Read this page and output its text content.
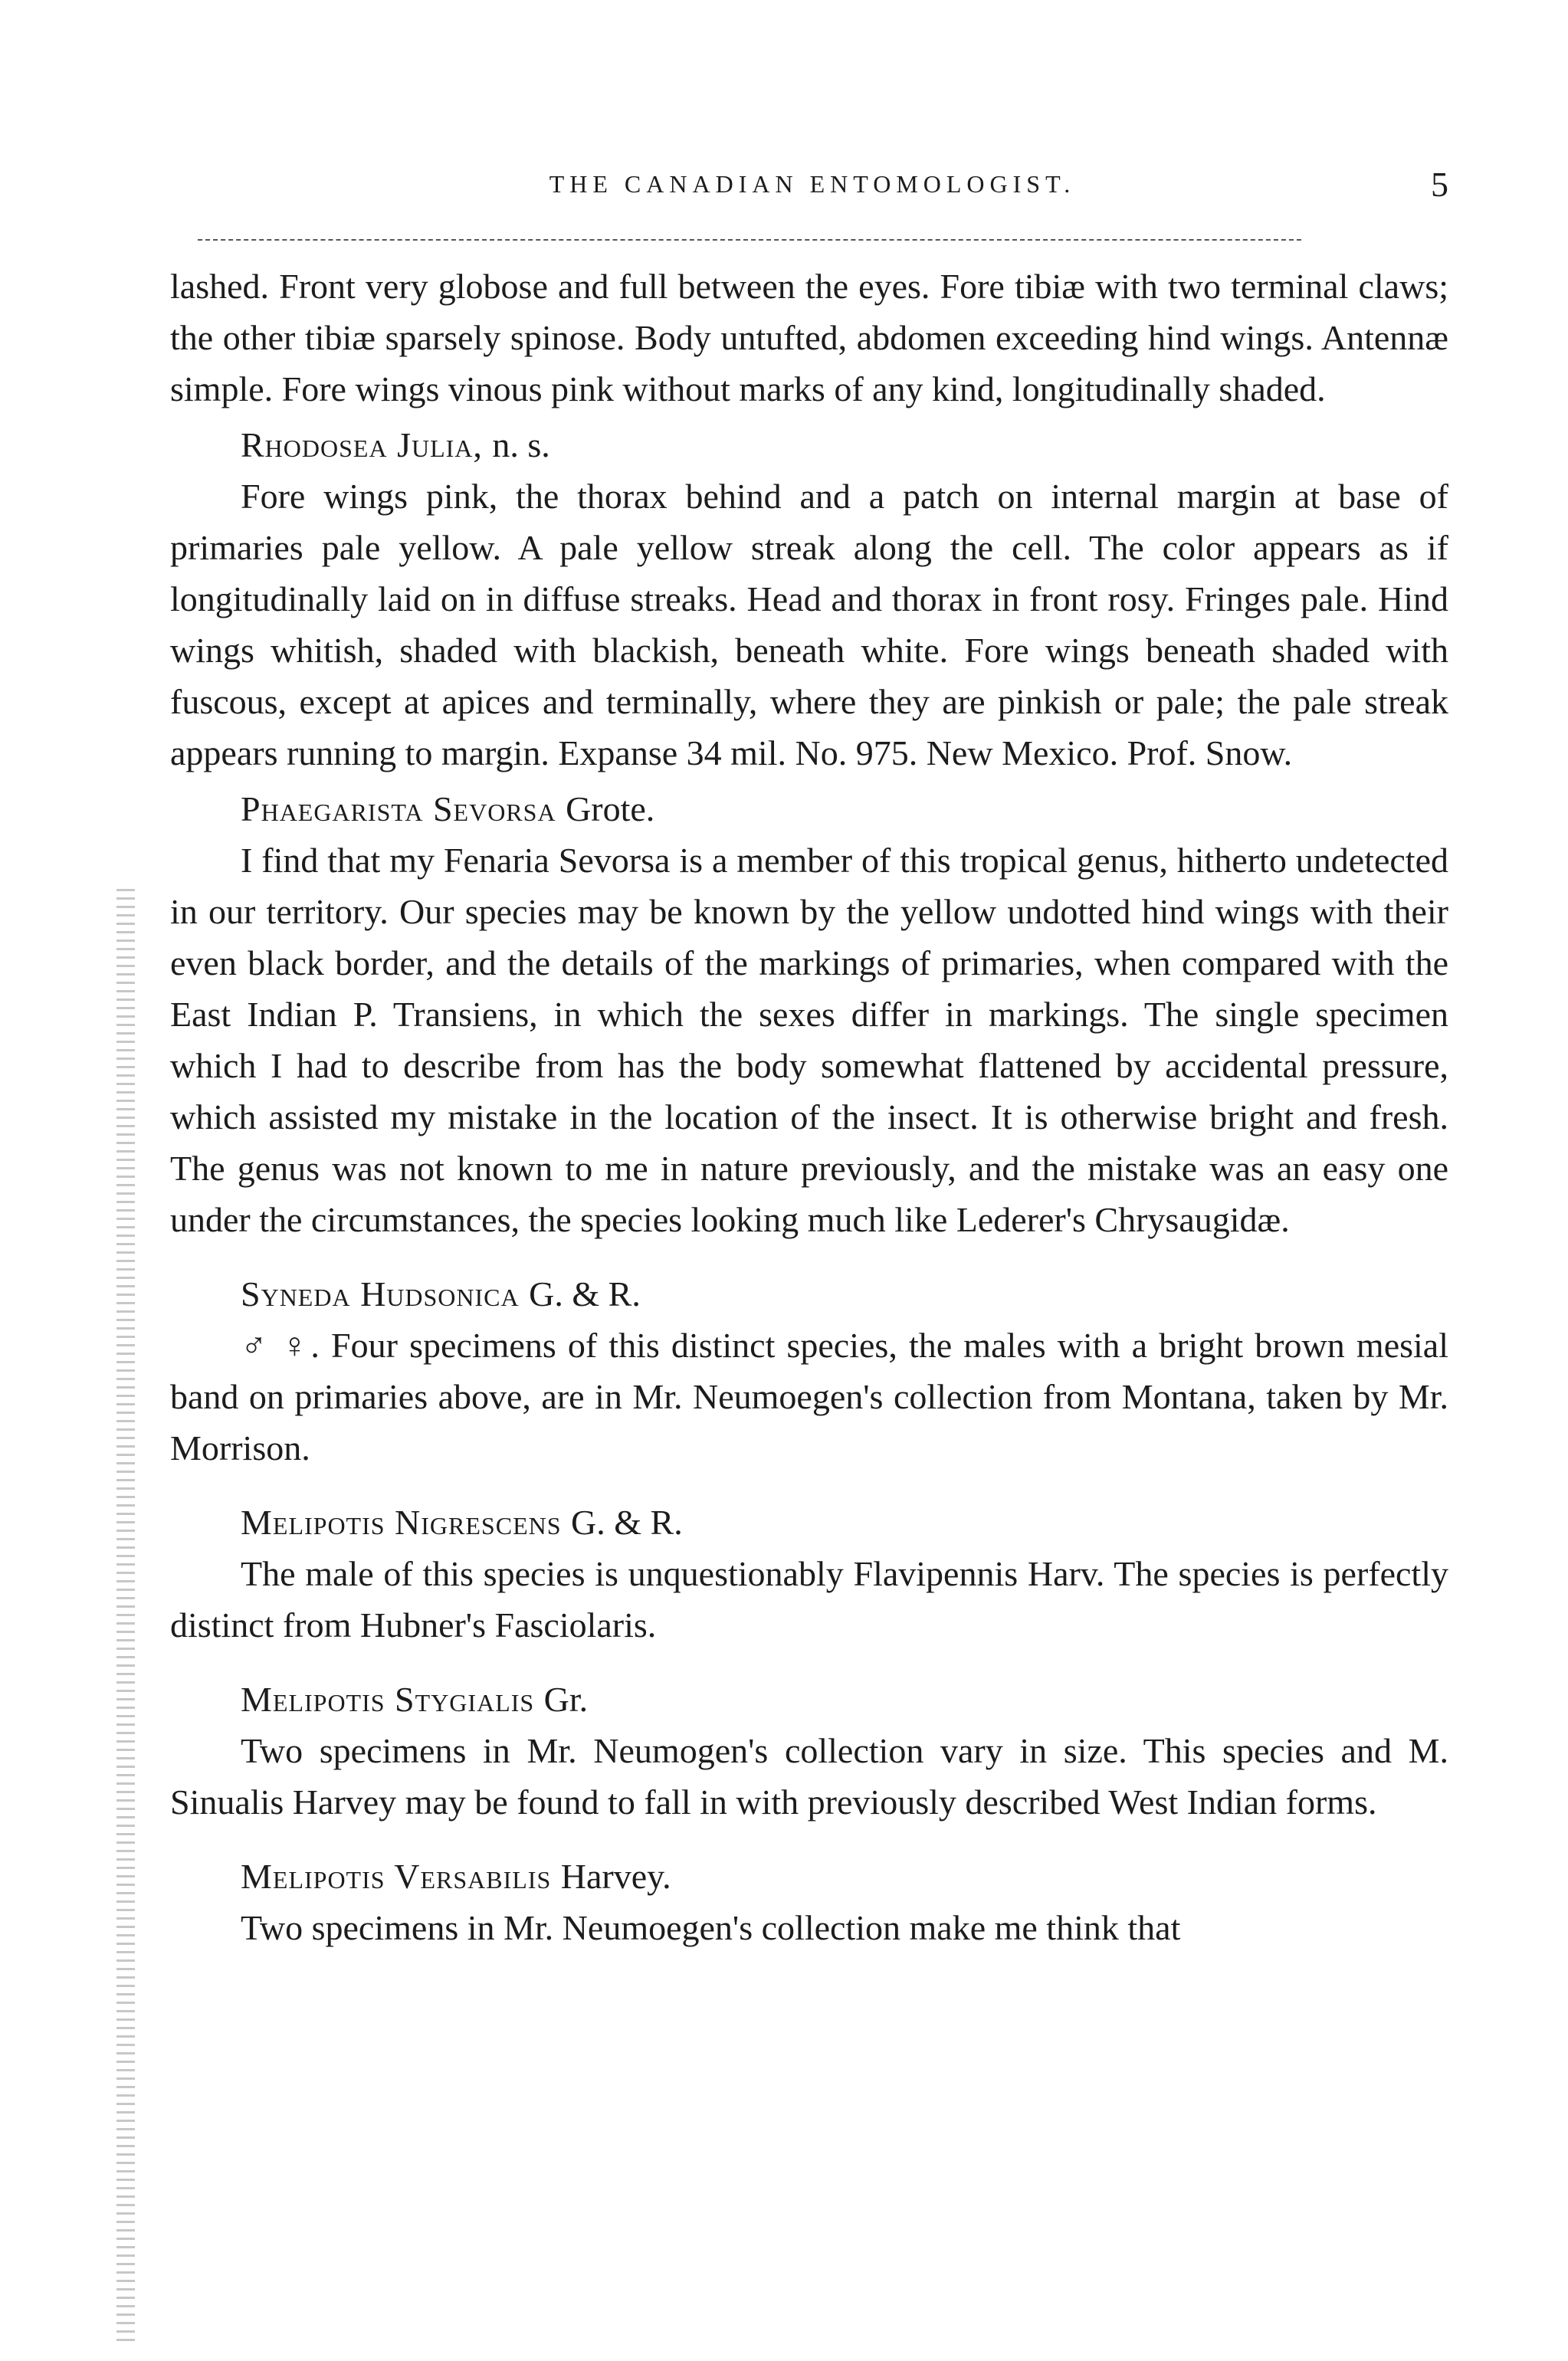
THE CANADIAN ENTOMOLOGIST.	5

lashed. Front very globose and full between the eyes. Fore tibiæ with two terminal claws; the other tibiæ sparsely spinose. Body untufted, abdomen exceeding hind wings. Antennæ simple. Fore wings vinous pink without marks of any kind, longitudinally shaded.

Rhodosea Julia, n. s.

Fore wings pink, the thorax behind and a patch on internal margin at base of primaries pale yellow. A pale yellow streak along the cell. The color appears as if longitudinally laid on in diffuse streaks. Head and thorax in front rosy. Fringes pale. Hind wings whitish, shaded with blackish, beneath white. Fore wings beneath shaded with fuscous, except at apices and terminally, where they are pinkish or pale; the pale streak appears running to margin. Expanse 34 mil. No. 975. New Mexico. Prof. Snow.

Phaegarista Sevorsa Grote.

I find that my Fenaria Sevorsa is a member of this tropical genus, hitherto undetected in our territory. Our species may be known by the yellow undotted hind wings with their even black border, and the details of the markings of primaries, when compared with the East Indian P. Transiens, in which the sexes differ in markings. The single specimen which I had to describe from has the body somewhat flattened by accidental pressure, which assisted my mistake in the location of the insect. It is otherwise bright and fresh. The genus was not known to me in nature previously, and the mistake was an easy one under the circumstances, the species looking much like Lederer's Chrysaugidæ.

Syneda Hudsonica G. & R.

♂ ♀. Four specimens of this distinct species, the males with a bright brown mesial band on primaries above, are in Mr. Neumoegen's collection from Montana, taken by Mr. Morrison.

Melipotis Nigrescens G. & R.

The male of this species is unquestionably Flavipennis Harv. The species is perfectly distinct from Hubner's Fasciolaris.

Melipotis Stygialis Gr.

Two specimens in Mr. Neumogen's collection vary in size. This species and M. Sinualis Harvey may be found to fall in with previously described West Indian forms.

Melipotis Versabilis Harvey.

Two specimens in Mr. Neumoegen's collection make me think that
